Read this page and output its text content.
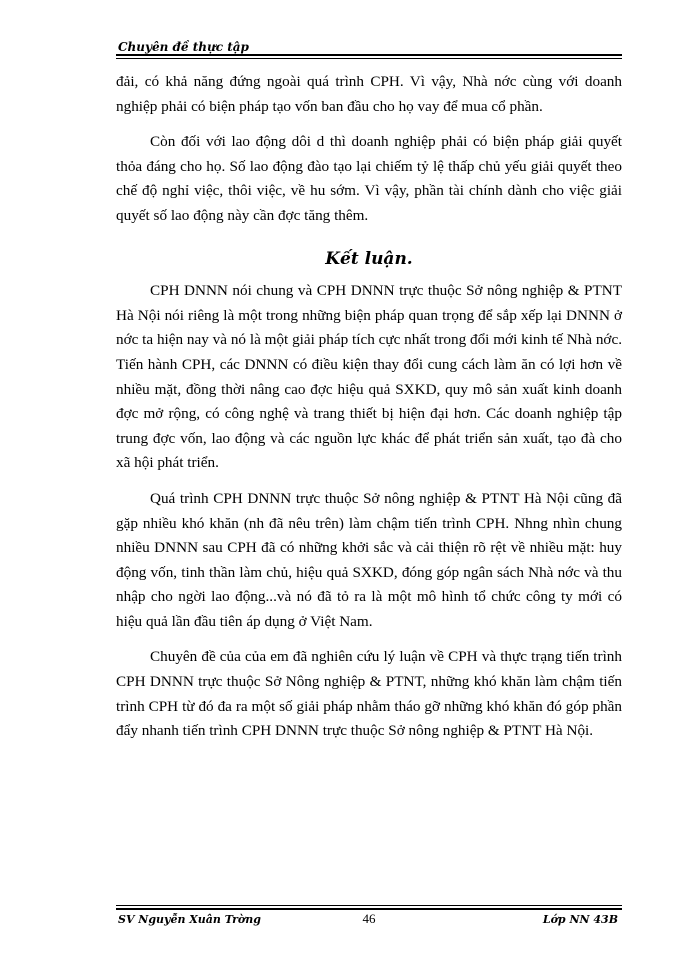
Chuyên đề thực tập

đải, có khả năng đứng ngoài quá trình CPH. Vì vậy, Nhà nớc cùng với doanh nghiệp phải có biện pháp tạo vốn ban đầu cho họ vay để mua cổ phần.

Còn đối với lao động dôi d thì doanh nghiệp phải có biện pháp giải quyết thỏa đáng cho họ. Số lao động đào tạo lại chiếm tỷ lệ thấp chủ yếu giải quyết theo chế độ nghỉ việc, thôi việc, về hu sớm. Vì vậy, phần tài chính dành cho việc giải quyết số lao động này cần đợc tăng thêm.

Kết luận.

CPH DNNN nói chung và CPH DNNN trực thuộc Sở nông nghiệp & PTNT Hà Nội nói riêng là một trong những biện pháp quan trọng để sắp xếp lại DNNN ở nớc ta hiện nay và nó là một giải pháp tích cực nhất trong đổi mới kinh tế Nhà nớc. Tiến hành CPH, các DNNN có điều kiện thay đổi cung cách làm ăn có lợi hơn về nhiều mặt, đồng thời nâng cao đợc hiệu quả SXKD, quy mô sản xuất kinh doanh đợc mở rộng, có công nghệ và trang thiết bị hiện đại hơn. Các doanh nghiệp tập trung đợc vốn, lao động và các nguồn lực khác để phát triển sản xuất, tạo đà cho xã hội phát triển.

Quá trình CPH DNNN trực thuộc Sở nông nghiệp & PTNT Hà Nội cũng đã gặp nhiều khó khăn (nh đã nêu trên) làm chậm tiến trình CPH. Nhng nhìn chung nhiều DNNN sau CPH đã có những khởi sắc và cải thiện rõ rệt về nhiều mặt: huy động vốn, tinh thần làm chủ, hiệu quả SXKD, đóng góp ngân sách Nhà nớc và thu nhập cho ngời lao động...và nó đã tỏ ra là một mô hình tổ chức công ty mới có hiệu quả lần đầu tiên áp dụng ở Việt Nam.

Chuyên đề của của em đã nghiên cứu lý luận về CPH và thực trạng tiến trình CPH DNNN trực thuộc Sở Nông nghiệp & PTNT, những khó khăn làm chậm tiến trình CPH từ đó đa ra một số giải pháp nhằm tháo gỡ những khó khăn đó góp phần đẩy nhanh tiến trình CPH DNNN trực thuộc Sở nông nghiệp & PTNT Hà Nội.

SV Nguyễn Xuân Trờng	46	Lớp NN 43B
